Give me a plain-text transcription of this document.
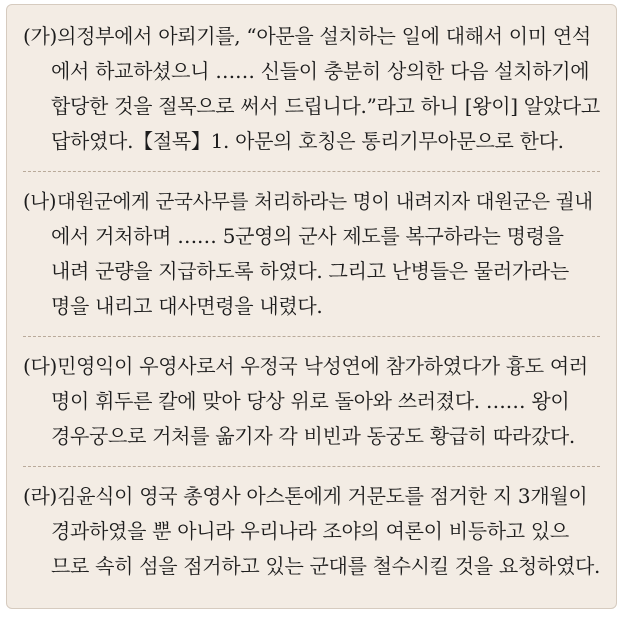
(가) 의정부에서 아뢰기를, “아문을 설치하는 일에 대해서 이미 연석
에서 하교하셨으니 …… 신들이 충분히 상의한 다음 설치하기에
합당한 것을 절목으로 써서 드립니다.”라고 하니 [왕이] 알았다고
답하였다.【절목】1. 아문의 호칭은 통리기무아문으로 한다.
(나) 대원군에게 군국사무를 처리하라는 명이 내려지자 대원군은 궐내
에서 거처하며 …… 5군영의 군사 제도를 복구하라는 명령을
내려 군량을 지급하도록 하였다. 그리고 난병들은 물러가라는
명을 내리고 대사면령을 내렸다.
(다) 민영익이 우영사로서 우정국 낙성연에 참가하였다가 흉도 여러
명이 휘두른 칼에 맞아 당상 위로 돌아와 쓰러졌다. …… 왕이
경우궁으로 거처를 옮기자 각 비빈과 동궁도 황급히 따라갔다.
(라) 김윤식이 영국 총영사 아스톤에게 거문도를 점거한 지 3개월이
경과하였을 뿐 아니라 우리나라 조야의 여론이 비등하고 있으
므로 속히 섬을 점거하고 있는 군대를 철수시킬 것을 요청하였다.
